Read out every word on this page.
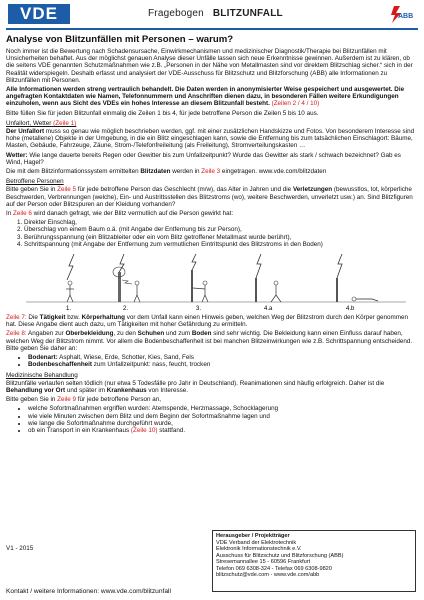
VDE	Fragebogen BLITZUNFALL	ABB
Analyse von Blitzunfällen mit Personen – warum?

Noch immer ist die Bewertung nach Schadensursache, Einwirkmechanismen und medizinischer Diagnostik/Therapie bei Blitzunfällen mit Unsicherheiten behaftet. Aus der möglichst genauen Analyse dieser Unfälle lassen sich neue Erkenntnisse gewinnen. Außerdem ist zu klären, ob die seitens VDE genannten Schutzmaßnahmen wie z.B. „Personen in der Nähe von Metallmasten sind vor direktem Blitzschlag sicher.“ sich in der Realität widerspiegeln. Deshalb erfasst und analysiert der VDE-Ausschuss für Blitzschutz und Blitzforschung (ABB) alle Informationen zu Blitzunfällen mit Personen.

Alle Informationen werden streng vertraulich behandelt. Die Daten werden in anonymisierter Weise gespeichert und ausgewertet. Die angefragten Kontaktdaten wie Namen, Telefonnummern und Anschriften dienen dazu, in besonderen Fällen weitere Erkundigungen einzuholen, wenn aus Sicht des VDEs ein hohes Interesse an diesem Blitzunfall besteht. (Zeilen 2 / 4 / 10)

Bitte füllen Sie für jeden Blitzunfall einmalig die Zeilen 1 bis 4, für jede betroffene Person die Zeilen 5 bis 10 aus.

Unfallort, Wetter (Zeile 1)

Der Unfallort muss so genau wie möglich beschrieben werden, ggf. mit einer zusätzlichen Handskizze und Fotos. Von besonderem Interesse sind hohe (metallene) Objekte in der Umgebung, in die ein Blitz eingeschlagen kann, sowie die Entfernung bis zum tatsächlichen Einschlagort: Bäume, Masten, Gebäude, Fahrzeuge, Zäune, Strom-/Telefonfreileitung (als Freileitung), Stromverteilungskasten …

Wetter: Wie lange dauerte bereits Regen oder Gewitter bis zum Unfallzeitpunkt? Wurde das Gewitter als stark / schwach bezeichnet? Gab es Wind, Hagel?

Die mit dem Blitzinformationssystem ermittelten Blitzdaten werden in Zeile 3 eingetragen. www.vde.com/blitzdaten

Betroffene Personen

Bitte geben Sie in Zeile 5 für jede betroffene Person das Geschlecht (m/w), das Alter in Jahren und die Verletzungen (bewusstlos, tot, körperliche Beschwerden, Verbrennungen (welche), Ein- und Austrittsstellen des Blitzstroms (wo), weitere Beschwerden, unverletzt usw.) an. Sind Blitzfiguren auf der Person oder Blitzspuren an der Kleidung vorhanden?

In Zeile 6 wird danach gefragt, wie der Blitz vermutlich auf die Person gewirkt hat:

1. Direkter Einschlag,
2. Überschlag von einem Baum o.ä. (mit Angabe der Entfernung bis zur Person),
3. Berührungsspannung (ein Blitzableiter oder ein vom Blitz getroffener Metallmast wurde berührt),
4. Schrittspannung (mit Angabe der Entfernung zum vermutlichen Eintrittspunkt des Blitzstroms in den Boden)
1.	2.	3.	4.a	4.b

Zeile 7: Die Tätigkeit bzw. Körperhaltung vor dem Unfall kann einen Hinweis geben, welchen Weg der Blitzstrom durch den Körper genommen hat. Diese Angabe dient auch dazu, um Tätigkeiten mit hoher Gefährdung zu ermitteln.

Zeile 8: Angaben zur Oberbekleidung, zu den Schuhen und zum Boden sind sehr wichtig. Die Bekleidung kann einen Einfluss darauf haben, welchen Weg der Blitzstrom nimmt. Vor allem die Bodenbeschaffenheit ist bei manchen Blitzeinwirkungen wie z.B. Schrittspannung entscheidend. Bitte geben Sie daher an:

• Bodenart: Asphalt, Wiese, Erde, Schotter, Kies, Sand, Fels
• Bodenbeschaffenheit zum Unfallzeitpunkt: nass, feucht, trocken

Medizinische Behandlung

Blitzunfälle verlaufen selten tödlich (nur etwa 5 Todesfälle pro Jahr in Deutschland). Reanimationen sind häufig erfolgreich. Daher ist die Behandlung vor Ort und später im Krankenhaus von Interesse.

Bitte geben Sie in Zeile 9 für jede betroffene Person an,

• welche Sofortmaßnahmen ergriffen wurden: Atemspende, Herzmassage, Schocklagerung
• wie viele Minuten zwischen dem Blitz und dem Beginn der Sofortmaßnahme lagen und
• wie lange die Sofortmaßnahme durchgeführt wurde,
• ob ein Transport in ein Krankenhaus (Zeile 10) stattfand.
V1 - 2015
Herausgeber / Projektträger
VDE Verband der Elektrotechnik
Elektronik Informationstechnik e.V.
Ausschuss für Blitzschutz und Blitzforschung (ABB)
Stresemannallee 15 - 60596 Frankfurt
Telefon 069 6308-324 - Telefax 069 6308-9820
blitzschutz@vde.com - www.vde.com/abb
Kontakt / weitere Informationen: www.vde.com/blitzunfall
